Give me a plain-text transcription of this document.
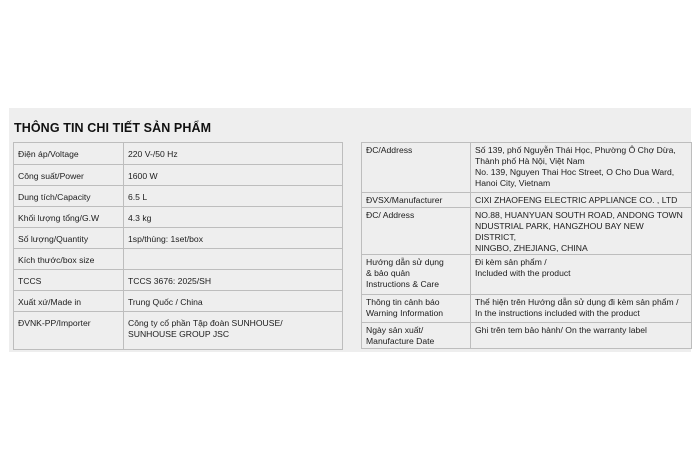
THÔNG TIN CHI TIẾT SẢN PHẨM
Điện áp/Voltage	220 V-/50 Hz

Công suất/Power	1600 W

Dung tích/Capacity	6.5 L

Khối lượng tổng/G.W	4.3 kg

Số lượng/Quantity	1sp/thùng: 1set/box

Kích thước/box size	

TCCS	TCCS 3676: 2025/SH

Xuất xứ/Made in	Trung Quốc / China

ĐVNK-PP/Importer	Công ty cổ phần Tập đoàn SUNHOUSE/
SUNHOUSE GROUP JSC
ĐC/Address	Số 139, phố Nguyễn Thái Học, Phường Ô Chợ Dừa,
Thành phố Hà Nội, Việt Nam
No. 139, Nguyen Thai Hoc Street, O Cho Dua Ward,
Hanoi City, Vietnam

ĐVSX/Manufacturer	CIXI ZHAOFENG ELECTRIC APPLIANCE CO. , LTD

ĐC/ Address	NO.88, HUANYUAN SOUTH ROAD, ANDONG TOWN
NDUSTRIAL PARK, HANGZHOU BAY NEW DISTRICT,
NINGBO, ZHEJIANG, CHINA

Hướng dẫn sử dụng
& bảo quản
Instructions & Care	Đi kèm sản phẩm /
Included with the product

Thông tin cảnh báo
Warning Information	Thể hiện trên Hướng dẫn sử dụng đi kèm sản phẩm /
In the instructions included with the product

Ngày sản xuất/
Manufacture Date	Ghi trên tem bảo hành/ On the warranty label
